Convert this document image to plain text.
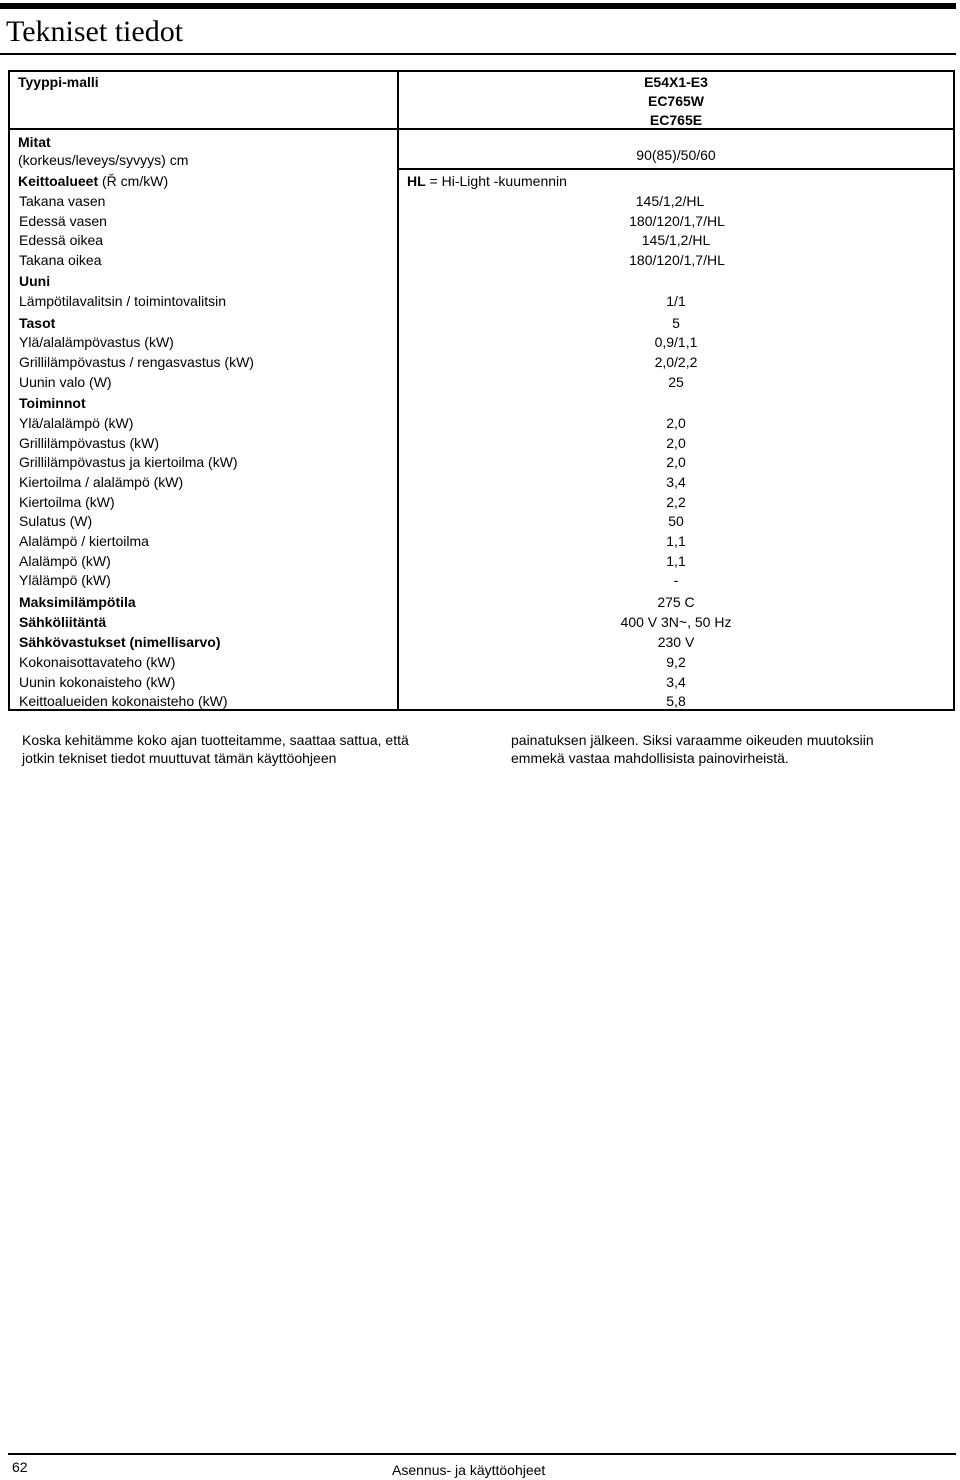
Tekniset tiedot
Tyyppi-malli	E54X1-E3
EC765W
EC765E
Mitat
(korkeus/leveys/syvyys) cm	90(85)/50/60
Keittoalueet (Ř cm/kW)	HL = Hi-Light -kuumennin
Takana vasen	145/1,2/HL
Edessä vasen	180/120/1,7/HL
Edessä oikea	145/1,2/HL
Takana oikea	180/120/1,7/HL
Uuni
Lämpötilavalitsin / toimintovalitsin	1/1
Tasot	5
Ylä/alalämpövastus (kW)	0,9/1,1
Grillilämpövastus / rengasvastus (kW)	2,0/2,2
Uunin valo (W)	25
Toiminnot
Ylä/alalämpö (kW)	2,0
Grillilämpövastus (kW)	2,0
Grillilämpövastus ja kiertoilma (kW)	2,0
Kiertoilma / alalämpö (kW)	3,4
Kiertoilma (kW)	2,2
Sulatus (W)	50
Alalämpö / kiertoilma	1,1
Alalämpö (kW)	1,1
Ylälämpö (kW)	-
Maksimilämpötila	275 C
Sähköliitäntä	400 V 3N~, 50 Hz
Sähkövastukset (nimellisarvo)	230 V
Kokonaisottavateho (kW)	9,2
Uunin kokonaisteho (kW)	3,4
Keittoalueiden kokonaisteho (kW)	5,8
Koska kehitämme koko ajan tuotteitamme, saattaa sattua, että
jotkin tekniset tiedot muuttuvat tämän käyttöohjeen
painatuksen jälkeen. Siksi varaamme oikeuden muutoksiin
emmekä vastaa mahdollisista painovirheistä.
62	Asennus- ja käyttöohjeet
